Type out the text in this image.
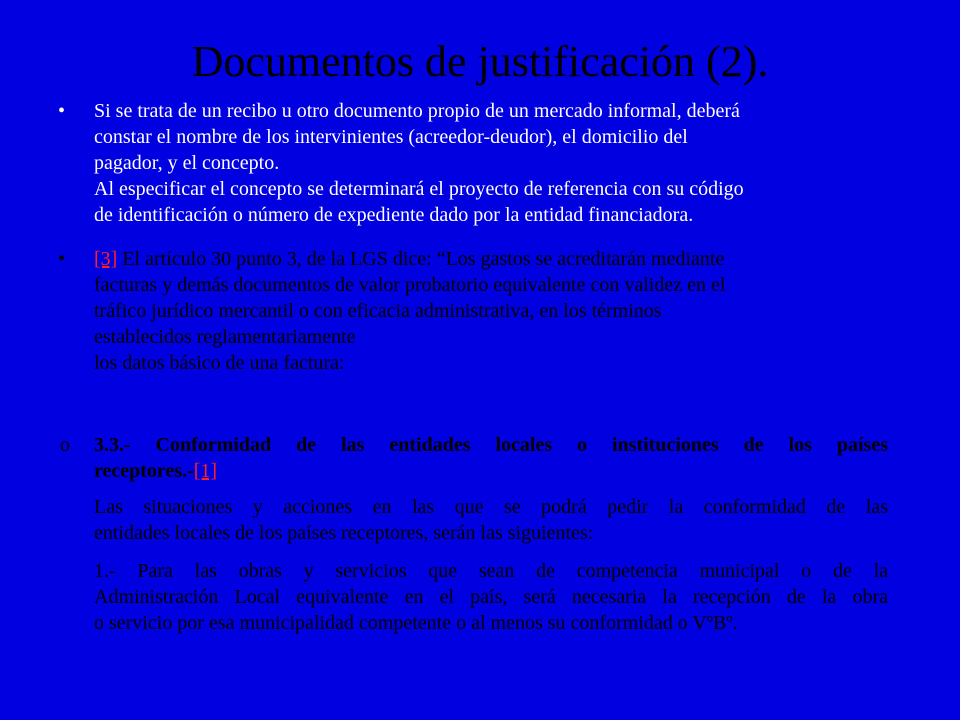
Documentos de justificación (2).
• Si se trata de un recibo u otro documento propio de un mercado informal, deberá
constar el nombre de los intervinientes (acreedor-deudor), el domicilio del
pagador, y el concepto.
Al especificar el concepto se determinará el proyecto de referencia con su código
de identificación o número de expediente dado por la entidad financiadora.
• [3] El artículo 30 punto 3, de la LGS dice: “Los gastos se acreditarán mediante
facturas y demás documentos de valor probatorio equivalente con validez en el
tráfico jurídico mercantil o con eficacia administrativa, en los términos
establecidos reglamentariamente
los datos básico de una factura:
o 3.3.- Conformidad de las entidades locales o instituciones de los países
receptores.-[1]
Las situaciones y acciones en las que se podrá pedir la conformidad de las
entidades locales de los países receptores, serán las siguientes:
1.- Para las obras y servicios que sean de competencia municipal o de la
Administración Local equivalente en el país, será necesaria la recepción de la obra
o servicio por esa municipalidad competente o al menos su conformidad o VºBº.
